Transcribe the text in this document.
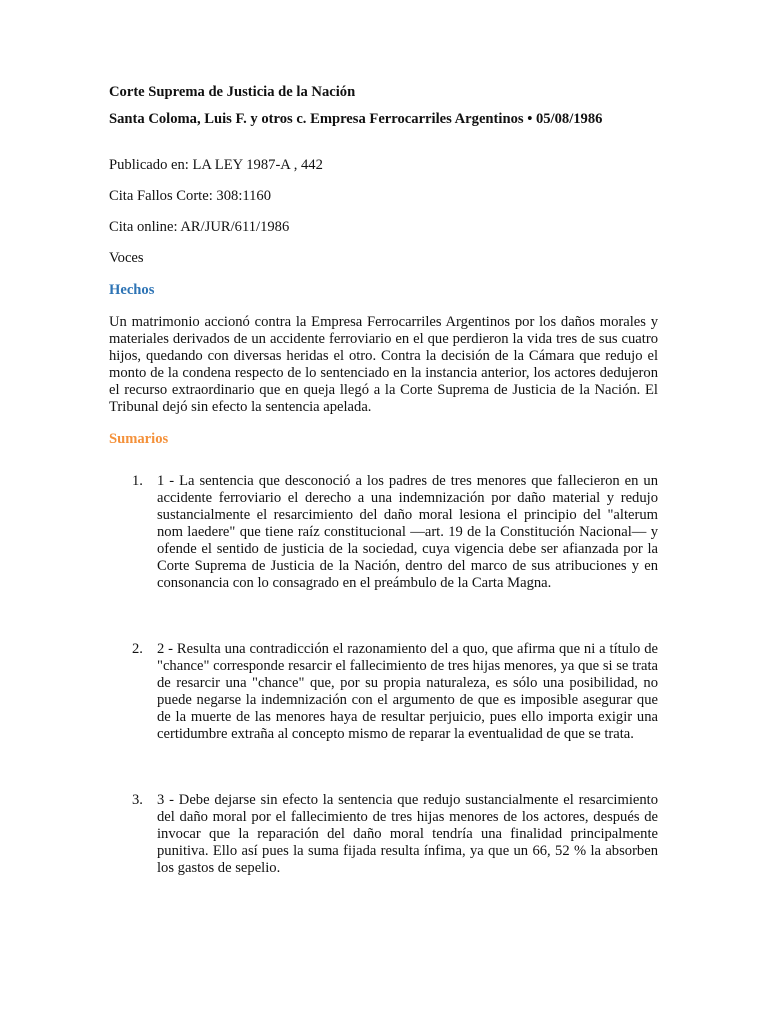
Corte Suprema de Justicia de la Nación

Santa Coloma, Luis F. y otros c. Empresa Ferrocarriles Argentinos • 05/08/1986

Publicado en: LA LEY 1987-A , 442

Cita Fallos Corte: 308:1160

Cita online: AR/JUR/611/1986

Voces

Hechos

Un matrimonio accionó contra la Empresa Ferrocarriles Argentinos por los daños morales y materiales derivados de un accidente ferroviario en el que perdieron la vida tres de sus cuatro hijos, quedando con diversas heridas el otro. Contra la decisión de la Cámara que redujo el monto de la condena respecto de lo sentenciado en la instancia anterior, los actores dedujeron el recurso extraordinario que en queja llegó a la Corte Suprema de Justicia de la Nación. El Tribunal dejó sin efecto la sentencia apelada.

Sumarios

1. 1 - La sentencia que desconoció a los padres de tres menores que fallecieron en un accidente ferroviario el derecho a una indemnización por daño material y redujo sustancialmente el resarcimiento del daño moral lesiona el principio del "alterum nom laedere" que tiene raíz constitucional —art. 19 de la Constitución Nacional— y ofende el sentido de justicia de la sociedad, cuya vigencia debe ser afianzada por la Corte Suprema de Justicia de la Nación, dentro del marco de sus atribuciones y en consonancia con lo consagrado en el preámbulo de la Carta Magna.
2. 2 - Resulta una contradicción el razonamiento del a quo, que afirma que ni a título de "chance" corresponde resarcir el fallecimiento de tres hijas menores, ya que si se trata de resarcir una "chance" que, por su propia naturaleza, es sólo una posibilidad, no puede negarse la indemnización con el argumento de que es imposible asegurar que de la muerte de las menores haya de resultar perjuicio, pues ello importa exigir una certidumbre extraña al concepto mismo de reparar la eventualidad de que se trata.
3. 3 - Debe dejarse sin efecto la sentencia que redujo sustancialmente el resarcimiento del daño moral por el fallecimiento de tres hijas menores de los actores, después de invocar que la reparación del daño moral tendría una finalidad principalmente punitiva. Ello así pues la suma fijada resulta ínfima, ya que un 66, 52 % la absorben los gastos de sepelio.
